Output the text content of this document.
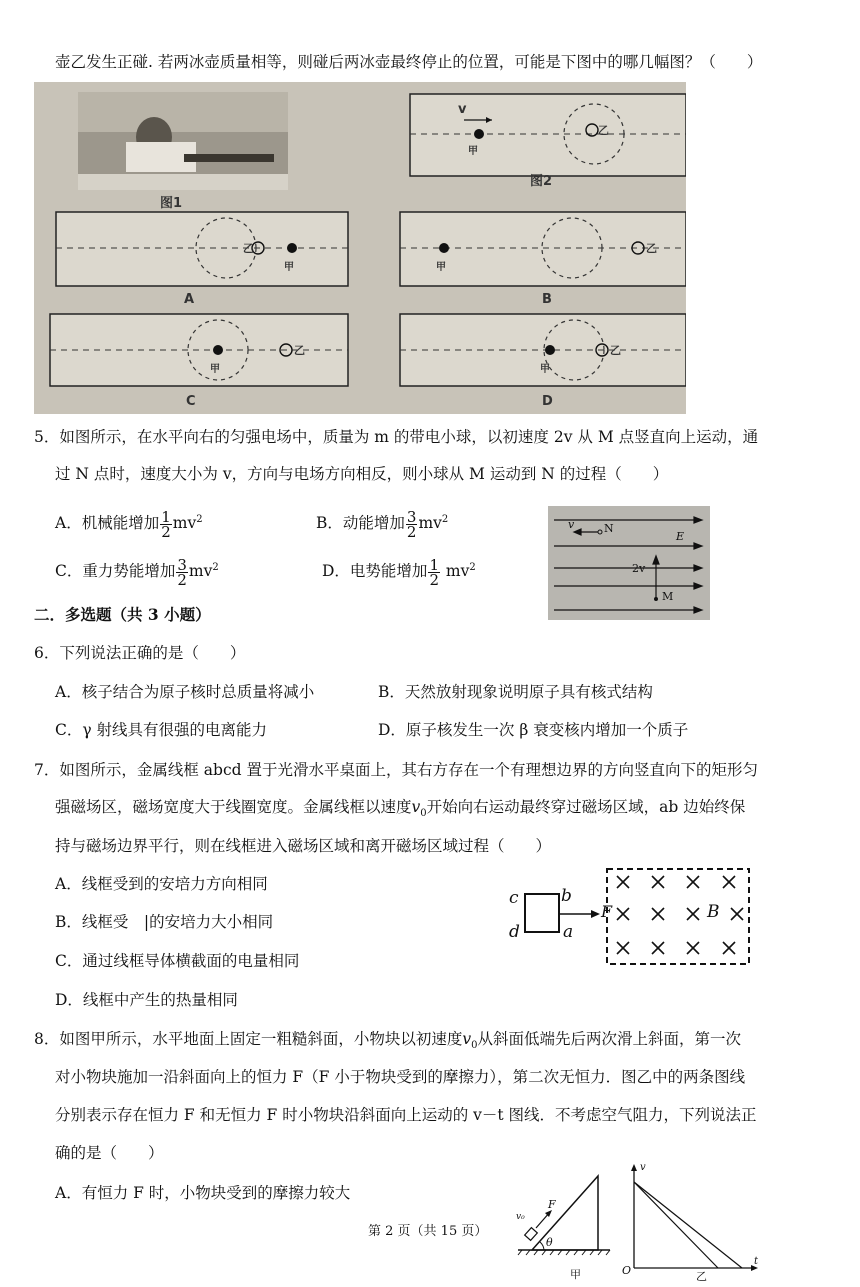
壶乙发生正碰. 若两冰壶质量相等，则碰后两冰壶最终停止的位置，可能是下图中的哪几幅图？（　　）
图1
图2
v
甲
乙
乙
甲
A
甲
乙
B
甲
乙
C
甲
乙
D
5．如图所示，在水平向右的匀强电场中，质量为 m 的带电小球，以初速度 2v 从 M 点竖直向上运动，通
过 N 点时，速度大小为 v，方向与电场方向相反，则小球从 M 运动到 N 的过程（　　）
A．机械能增加 $\frac{1}{2} mv^2$	B．动能增加 $\frac{3}{2} mv^2$
C．重力势能增加 $\frac{3}{2} mv^2$	D．电势能增加 $\frac{1}{2} mv^2$
v	N
E
2v
M
二．多选题（共 3 小题）
6．下列说法正确的是（　　）
A．核子结合为原子核时总质量将减小	B．天然放射现象说明原子具有核式结构
C．γ 射线具有很强的电离能力	D．原子核发生一次 β 衰变核内增加一个质子
7．如图所示，金属线框 abcd 置于光滑水平桌面上，其右方存在一个有理想边界的方向竖直向下的矩形匀
强磁场区，磁场宽度大于线圈宽度。金属线框以速度$v_0$开始向右运动最终穿过磁场区域，ab 边始终保
持与磁场边界平行，则在线框进入磁场区域和离开磁场区域过程（　　）
A．线框受到的安培力方向相同
B．线框受　|的安培力大小相同
C．通过线框导体横截面的电量相同
D．线框中产生的热量相同
c b
d	a
F	B
8．如图甲所示，水平地面上固定一粗糙斜面，小物块以初速度$v_0$从斜面低端先后两次滑上斜面，第一次
对小物块施加一沿斜面向上的恒力 F（F 小于物块受到的摩擦力），第二次无恒力．图乙中的两条图线
分别表示存在恒力 F 和无恒力 F 时小物块沿斜面向上运动的 v－t 图线．不考虑空气阻力，下列说法正
确的是（　　）
A．有恒力 F 时，小物块受到的摩擦力较大
v₀
F
θ
甲
v
O
t
乙
第 2 页（共 15 页）
